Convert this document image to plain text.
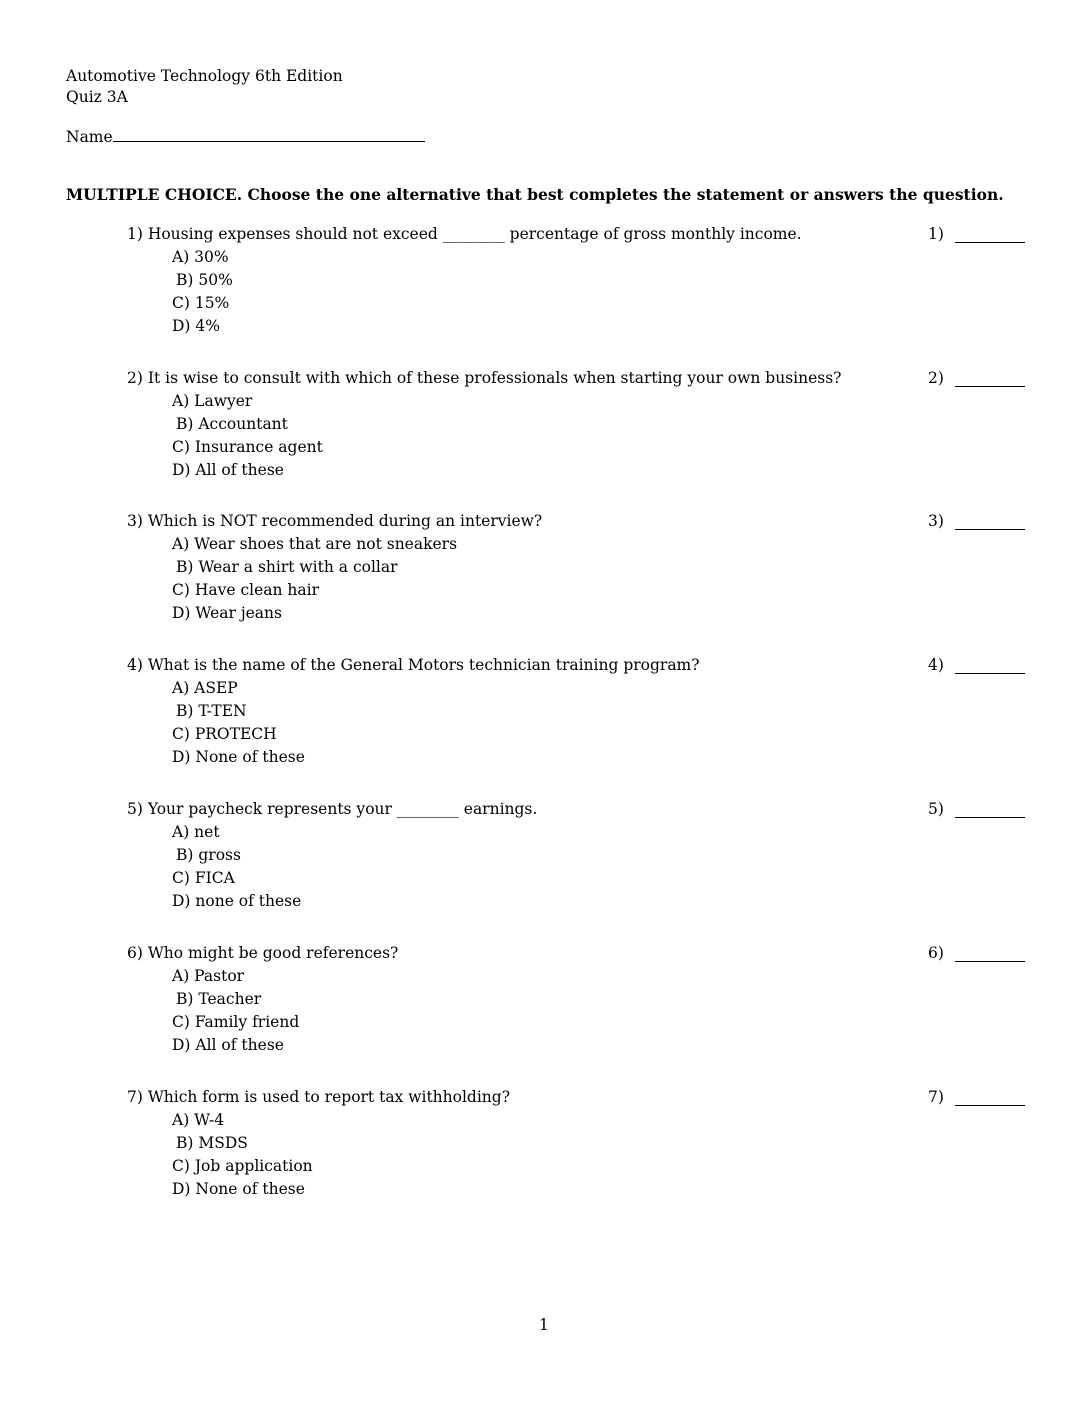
Automotive Technology 6th Edition
Quiz 3A
Name
MULTIPLE CHOICE. Choose the one alternative that best completes the statement or answers the question.
1) Housing expenses should not exceed ________ percentage of gross monthly income.
A) 30%
B) 50%
C) 15%
D) 4%
1)
2) It is wise to consult with which of these professionals when starting your own business?
A) Lawyer
B) Accountant
C) Insurance agent
D) All of these
2)
3) Which is NOT recommended during an interview?
A) Wear shoes that are not sneakers
B) Wear a shirt with a collar
C) Have clean hair
D) Wear jeans
3)
4) What is the name of the General Motors technician training program?
A) ASEP
B) T-TEN
C) PROTECH
D) None of these
4)
5) Your paycheck represents your ________ earnings.
A) net
B) gross
C) FICA
D) none of these
5)
6) Who might be good references?
A) Pastor
B) Teacher
C) Family friend
D) All of these
6)
7) Which form is used to report tax withholding?
A) W-4
B) MSDS
C) Job application
D) None of these
7)
1
